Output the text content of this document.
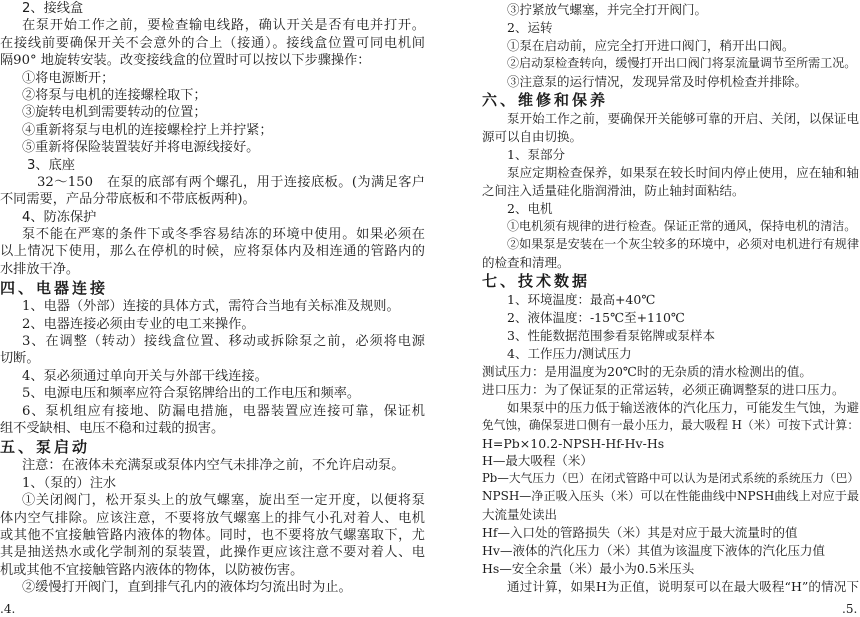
2、接线盒
在泵开始工作之前，要检查输电线路，确认开关是否有电并打开。
在接线前要确保开关不会意外的合上（接通）。接线盒位置可同电机间
隔90° 地旋转安装。改变接线盒的位置时可以按以下步骤操作：
①将电源断开；
②将泵与电机的连接螺栓取下；
③旋转电机到需要转动的位置；
④重新将泵与电机的连接螺栓拧上并拧紧；
⑤重新将保险装置装好并将电源线接好。
3、底座
32～150　在泵的底部有两个螺孔，用于连接底板。(为满足客户
不同需要，产品分带底板和不带底板两种)。
4、防冻保护
泵不能在严寒的条件下或冬季容易结冻的环境中使用。如果必须在
以上情况下使用，那么在停机的时候，应将泵体内及相连通的管路内的
水排放干净。
四、电器连接
1、电器（外部）连接的具体方式，需符合当地有关标准及规则。
2、电器连接必须由专业的电工来操作。
3、在调整（转动）接线盒位置、移动或拆除泵之前，必须将电源
切断。
4、泵必须通过单向开关与外部干线连接。
5、电源电压和频率应符合泵铭牌给出的工作电压和频率。
6、泵机组应有接地、防漏电措施，电器装置应连接可靠，保证机
组不受缺相、电压不稳和过载的损害。
五、泵启动
注意：在液体未充满泵或泵体内空气未排净之前，不允许启动泵。
1、（泵的）注水
①关闭阀门，松开泵头上的放气螺塞，旋出至一定开度，以便将泵
体内空气排除。应该注意，不要将放气螺塞上的排气小孔对着人、电机
或其他不宜接触管路内液体的物体。同时，也不要将放气螺塞取下，尤
其是抽送热水或化学制剂的泵装置，此操作更应该注意不要对着人、电
机或其他不宜接触管路内液体的物体，以防被伤害。
②缓慢打开阀门，直到排气孔内的液体均匀流出时为止。
③拧紧放气螺塞，并完全打开阀门。
2、运转
①泵在启动前，应完全打开进口阀门，稍开出口阀。
②启动泵检查转向，缓慢打开出口阀门将泵流量调节至所需工况。
③注意泵的运行情况，发现异常及时停机检查并排除。
六、维修和保养
泵开始工作之前，要确保开关能够可靠的开启、关闭，以保证电
源可以自由切换。
1、泵部分
泵应定期检查保养，如果泵在较长时间内停止使用，应在轴和轴
之间注入适量硅化脂润滑油，防止轴封面粘结。
2、电机
①电机须有规律的进行检查。保证正常的通风，保持电机的清洁。
②如果泵是安装在一个灰尘较多的环境中，必须对电机进行有规律
的检查和清理。
七、技术数据
1、环境温度：最高+40℃
2、液体温度：-15℃至+110℃
3、性能数据范围参看泵铭牌或泵样本
4、工作压力/测试压力
测试压力：是用温度为20℃时的无杂质的清水检测出的值。
进口压力：为了保证泵的正常运转，必须正确调整泵的进口压力。
如果泵中的压力低于输送液体的汽化压力，可能发生气蚀，为避
免气蚀，确保泵进口侧有一最小压力，最大吸程 H（米）可按下式计算：
H=Pb×10.2-NPSH-Hf-Hv-Hs
H—最大吸程（米）
Pb—大气压力（巴）在闭式管路中可以认为是闭式系统的系统压力（巴）
NPSH—净正吸入压头（米）可以在性能曲线中NPSH曲线上对应于最
大流量处读出
Hf—入口处的管路损失（米）其是对应于最大流量时的值
Hv—液体的汽化压力（米）其值为该温度下液体的汽化压力值
Hs—安全余量（米）最小为0.5米压头
通过计算，如果H为正值，说明泵可以在最大吸程“H”的情况下
.4.	.5.
